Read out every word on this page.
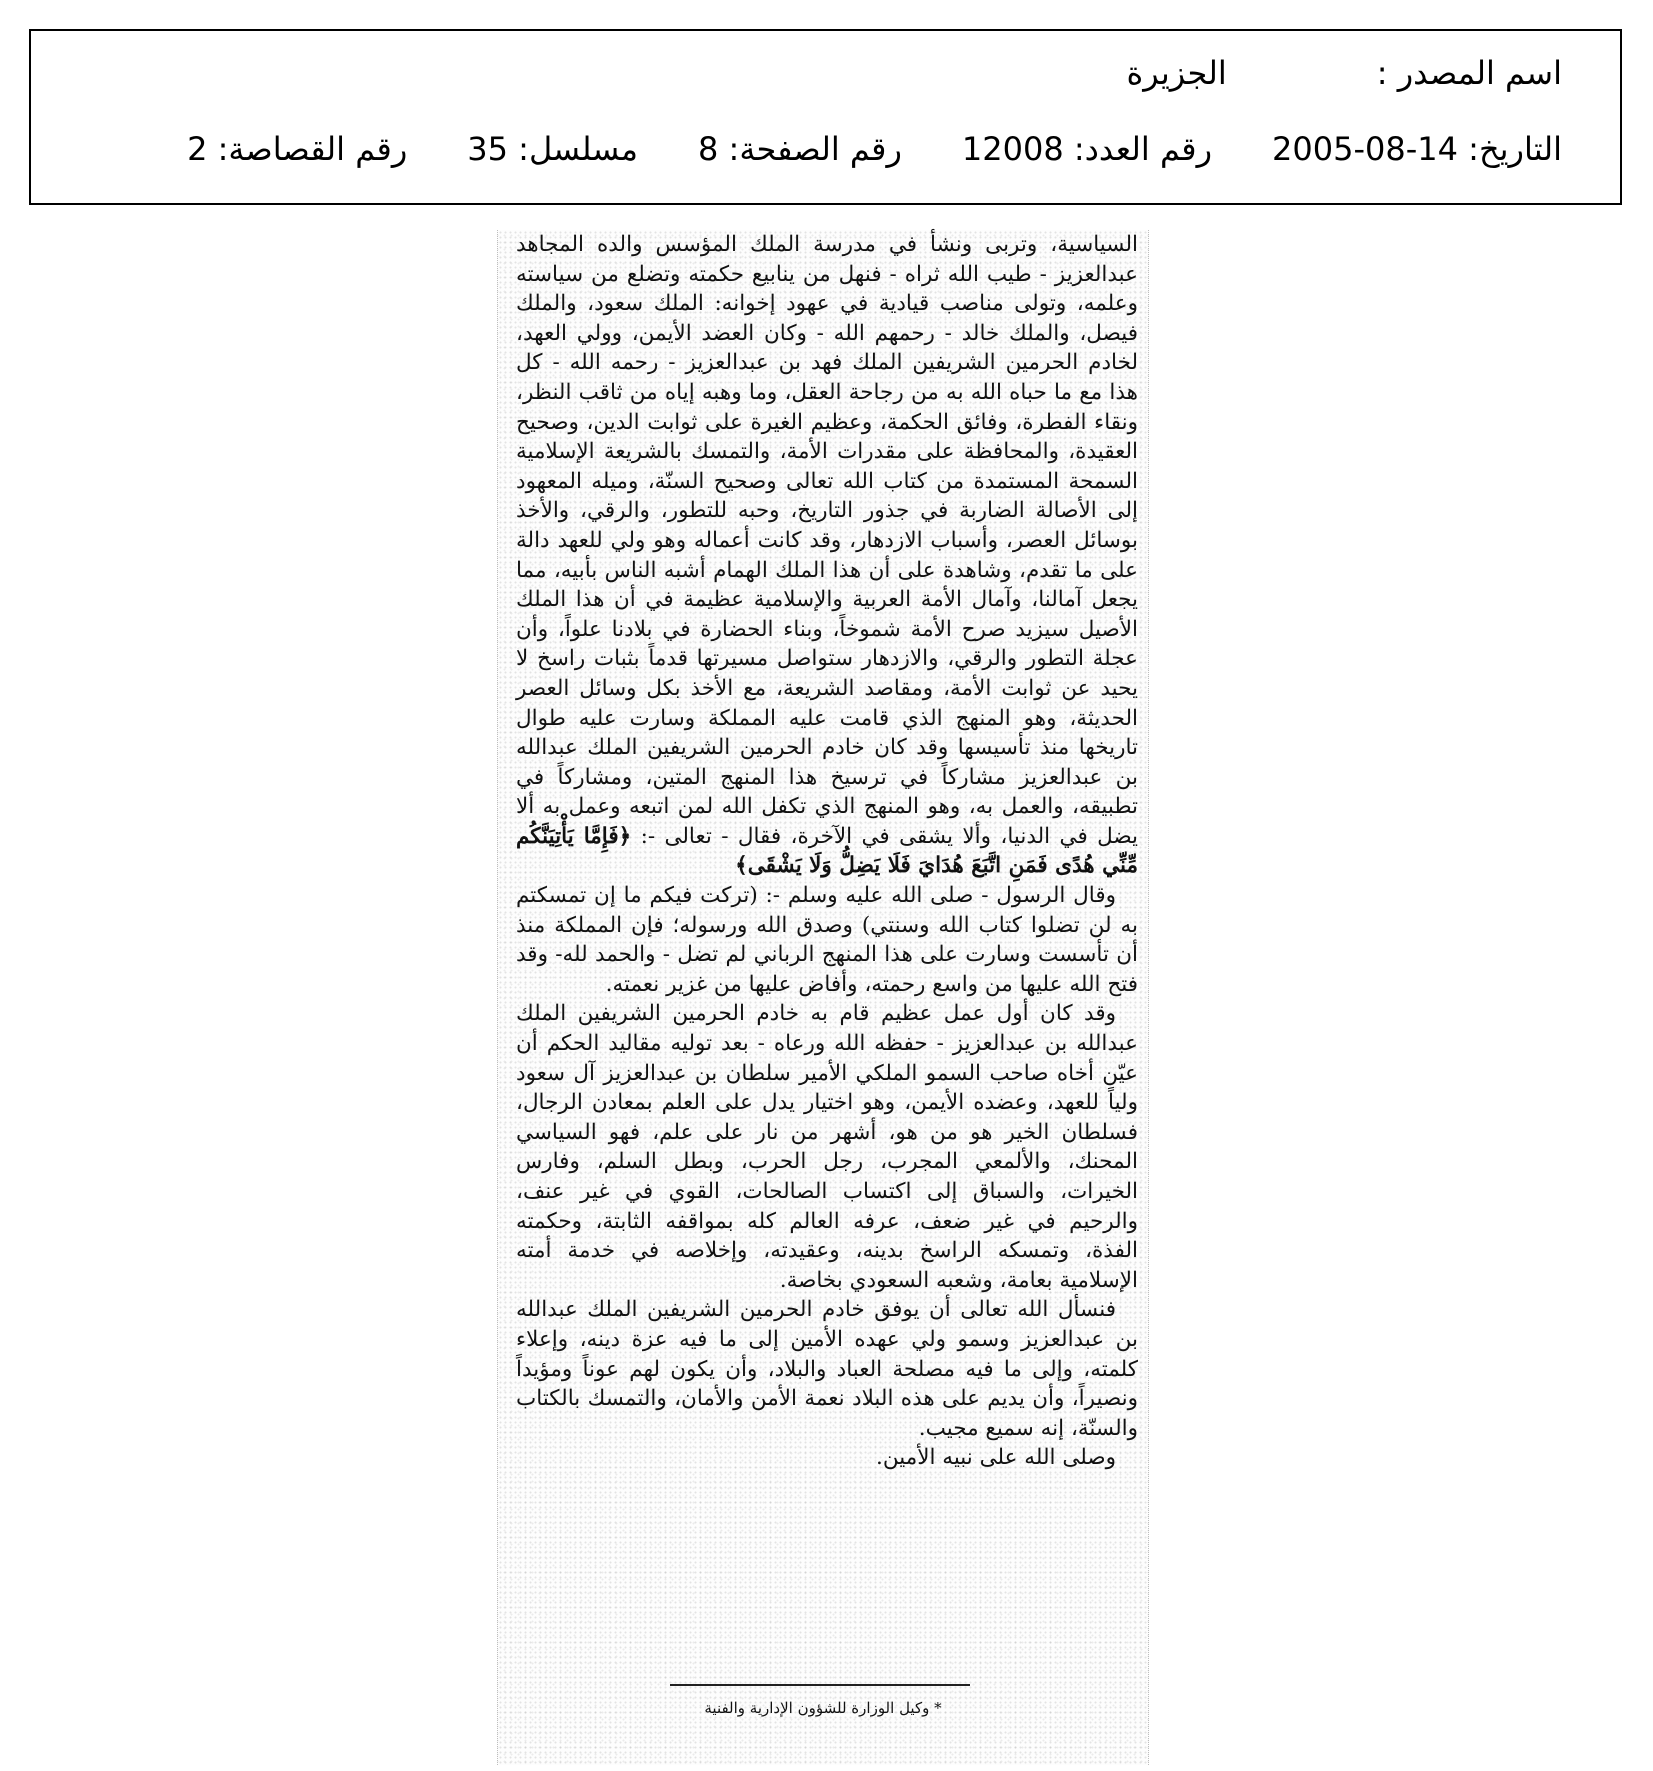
اسم المصدر :الجزيرة
التاريخ: 14-08-2005رقم العدد: 12008رقم الصفحة: 8مسلسل: 35رقم القصاصة: 2

السياسية، وتربى ونشأ في مدرسة الملك المؤسس والده المجاهد عبدالعزيز - طيب الله ثراه - فنهل من ينابيع حكمته وتضلع من سياسته وعلمه، وتولى مناصب قيادية في عهود إخوانه: الملك سعود، والملك فيصل، والملك خالد - رحمهم الله - وكان العضد الأيمن، وولي العهد، لخادم الحرمين الشريفين الملك فهد بن عبدالعزيز - رحمه الله - كل هذا مع ما حباه الله به من رجاحة العقل، وما وهبه إياه من ثاقب النظر، ونقاء الفطرة، وفائق الحكمة، وعظيم الغيرة على ثوابت الدين، وصحيح العقيدة، والمحافظة على مقدرات الأمة، والتمسك بالشريعة الإسلامية السمحة المستمدة من كتاب الله تعالى وصحيح السنّة، وميله المعهود إلى الأصالة الضاربة في جذور التاريخ، وحبه للتطور، والرقي، والأخذ بوسائل العصر، وأسباب الازدهار، وقد كانت أعماله وهو ولي للعهد دالة على ما تقدم، وشاهدة على أن هذا الملك الهمام أشبه الناس بأبيه، مما يجعل آمالنا، وآمال الأمة العربية والإسلامية عظيمة في أن هذا الملك الأصيل سيزيد صرح الأمة شموخاً، وبناء الحضارة في بلادنا علواً، وأن عجلة التطور والرقي، والازدهار ستواصل مسيرتها قدماً بثبات راسخ لا يحيد عن ثوابت الأمة، ومقاصد الشريعة، مع الأخذ بكل وسائل العصر الحديثة، وهو المنهج الذي قامت عليه المملكة وسارت عليه طوال تاريخها منذ تأسيسها وقد كان خادم الحرمين الشريفين الملك عبدالله بن عبدالعزيز مشاركاً في ترسيخ هذا المنهج المتين، ومشاركاً في تطبيقه، والعمل به، وهو المنهج الذي تكفل الله لمن اتبعه وعمل به ألا يضل في الدنيا، وألا يشقى في الآخرة، فقال - تعالى -: ﴿فَإِمَّا يَأْتِيَنَّكُم مِّنِّي هُدًى فَمَنِ اتَّبَعَ هُدَايَ فَلَا يَضِلُّ وَلَا يَشْقَى﴾

وقال الرسول - صلى الله عليه وسلم -: (تركت فيكم ما إن تمسكتم به لن تضلوا كتاب الله وسنتي) وصدق الله ورسوله؛ فإن المملكة منذ أن تأسست وسارت على هذا المنهج الرباني لم تضل - والحمد لله- وقد فتح الله عليها من واسع رحمته، وأفاض عليها من غزير نعمته.

وقد كان أول عمل عظيم قام به خادم الحرمين الشريفين الملك عبدالله بن عبدالعزيز - حفظه الله ورعاه - بعد توليه مقاليد الحكم أن عيّن أخاه صاحب السمو الملكي الأمير سلطان بن عبدالعزيز آل سعود ولياً للعهد، وعضده الأيمن، وهو اختيار يدل على العلم بمعادن الرجال، فسلطان الخير هو من هو، أشهر من نار على علم، فهو السياسي المحنك، والألمعي المجرب، رجل الحرب، وبطل السلم، وفارس الخيرات، والسباق إلى اكتساب الصالحات، القوي في غير عنف، والرحيم في غير ضعف، عرفه العالم كله بمواقفه الثابتة، وحكمته الفذة، وتمسكه الراسخ بدينه، وعقيدته، وإخلاصه في خدمة أمته الإسلامية بعامة، وشعبه السعودي بخاصة.

فنسأل الله تعالى أن يوفق خادم الحرمين الشريفين الملك عبدالله بن عبدالعزيز وسمو ولي عهده الأمين إلى ما فيه عزة دينه، وإعلاء كلمته، وإلى ما فيه مصلحة العباد والبلاد، وأن يكون لهم عوناً ومؤيداً ونصيراً، وأن يديم على هذه البلاد نعمة الأمن والأمان، والتمسك بالكتاب والسنّة، إنه سميع مجيب.

وصلى الله على نبيه الأمين.

* وكيل الوزارة للشؤون الإدارية والفنية
